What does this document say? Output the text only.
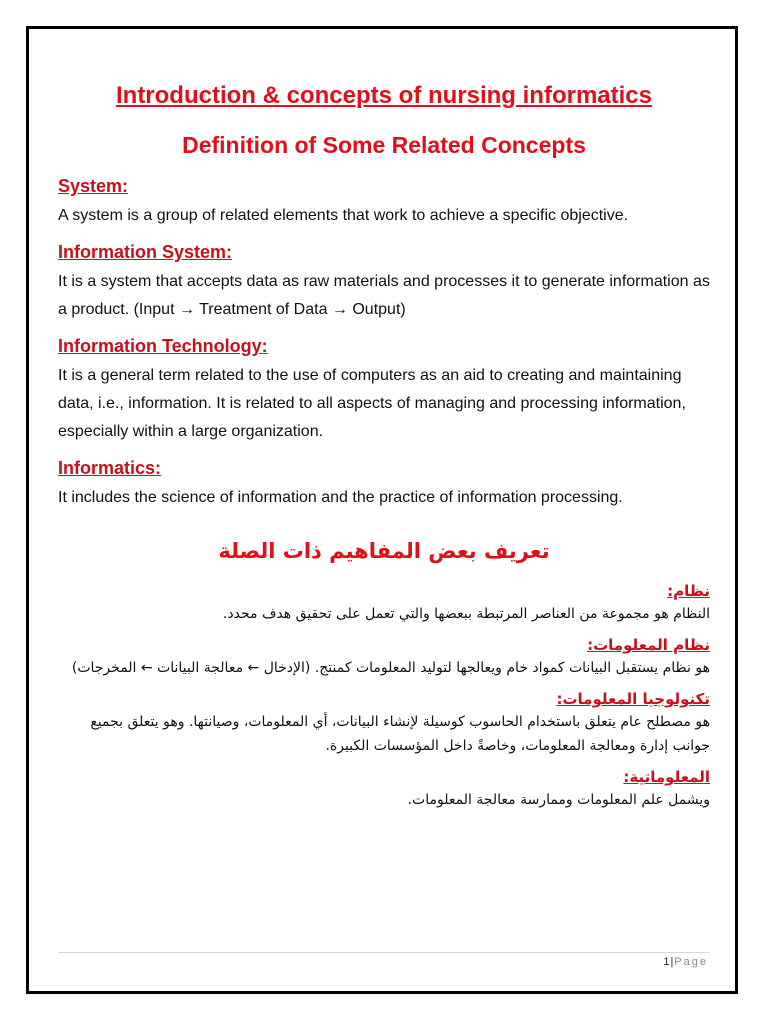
Introduction & concepts of nursing informatics
Definition of Some Related Concepts
System:

A system is a group of related elements that work to achieve a specific objective.

Information System:

It is a system that accepts data as raw materials and processes it to generate information as a product. (Input → Treatment of Data → Output)

Information Technology:

It is a general term related to the use of computers as an aid to creating and maintaining data, i.e., information. It is related to all aspects of managing and processing information, especially within a large organization.

Informatics:

It includes the science of information and the practice of information processing.

تعريف بعض المفاهيم ذات الصلة
نظام:

النظام هو مجموعة من العناصر المرتبطة ببعضها والتي تعمل على تحقيق هدف محدد.

نظام المعلومات:

هو نظام يستقبل البيانات كمواد خام ويعالجها لتوليد المعلومات كمنتج. (الإدخال ← معالجة البيانات ← المخرجات)

تكنولوجيا المعلومات:

هو مصطلح عام يتعلق باستخدام الحاسوب كوسيلة لإنشاء البيانات، أي المعلومات، وصيانتها. وهو يتعلق بجميع جوانب إدارة ومعالجة المعلومات، وخاصةً داخل المؤسسات الكبيرة.

المعلوماتية:

ويشمل علم المعلومات وممارسة معالجة المعلومات.

1|Page
